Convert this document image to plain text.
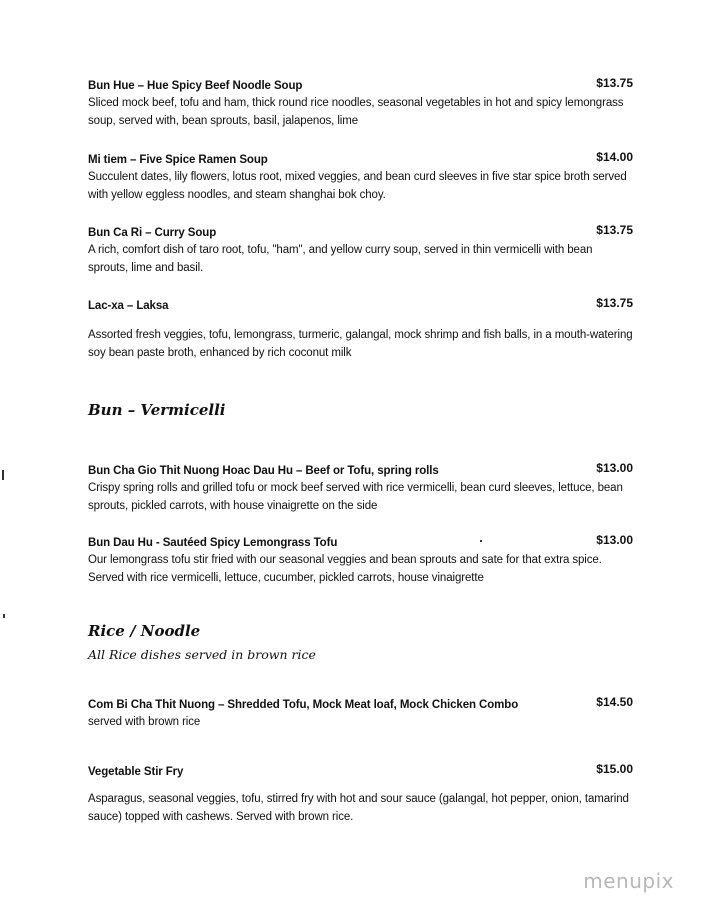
Bun Hue – Hue Spicy Beef Noodle Soup	$13.75
Sliced mock beef, tofu and ham, thick round rice noodles, seasonal vegetables in hot and spicy lemongrass soup, served with, bean sprouts, basil, jalapenos, lime
Mi tiem – Five Spice Ramen Soup	$14.00
Succulent dates, lily flowers, lotus root, mixed veggies, and bean curd sleeves in five star spice broth served with yellow eggless noodles, and steam shanghai bok choy.
Bun Ca Ri – Curry Soup	$13.75
A rich, comfort dish of taro root, tofu, "ham", and yellow curry soup, served in thin vermicelli with bean sprouts, lime and basil.
Lac-xa – Laksa	$13.75
Assorted fresh veggies, tofu, lemongrass, turmeric, galangal, mock shrimp and fish balls, in a mouth-watering soy bean paste broth, enhanced by rich coconut milk
Bun – Vermicelli
Bun Cha Gio Thit Nuong Hoac Dau Hu – Beef or Tofu, spring rolls	$13.00
Crispy spring rolls and grilled tofu or mock beef served with rice vermicelli, bean curd sleeves, lettuce, bean sprouts, pickled carrots, with house vinaigrette on the side
Bun Dau Hu - Sautéed Spicy Lemongrass Tofu	$13.00
Our lemongrass tofu stir fried with our seasonal veggies and bean sprouts and sate for that extra spice. Served with rice vermicelli, lettuce, cucumber, pickled carrots, house vinaigrette
Rice / Noodle
All Rice dishes served in brown rice
Com Bi Cha Thit Nuong – Shredded Tofu, Mock Meat loaf, Mock Chicken Combo	$14.50
served with brown rice
Vegetable Stir Fry	$15.00
Asparagus, seasonal veggies, tofu, stirred fry with hot and sour sauce (galangal, hot pepper, onion, tamarind sauce) topped with cashews. Served with brown rice.
menupix
